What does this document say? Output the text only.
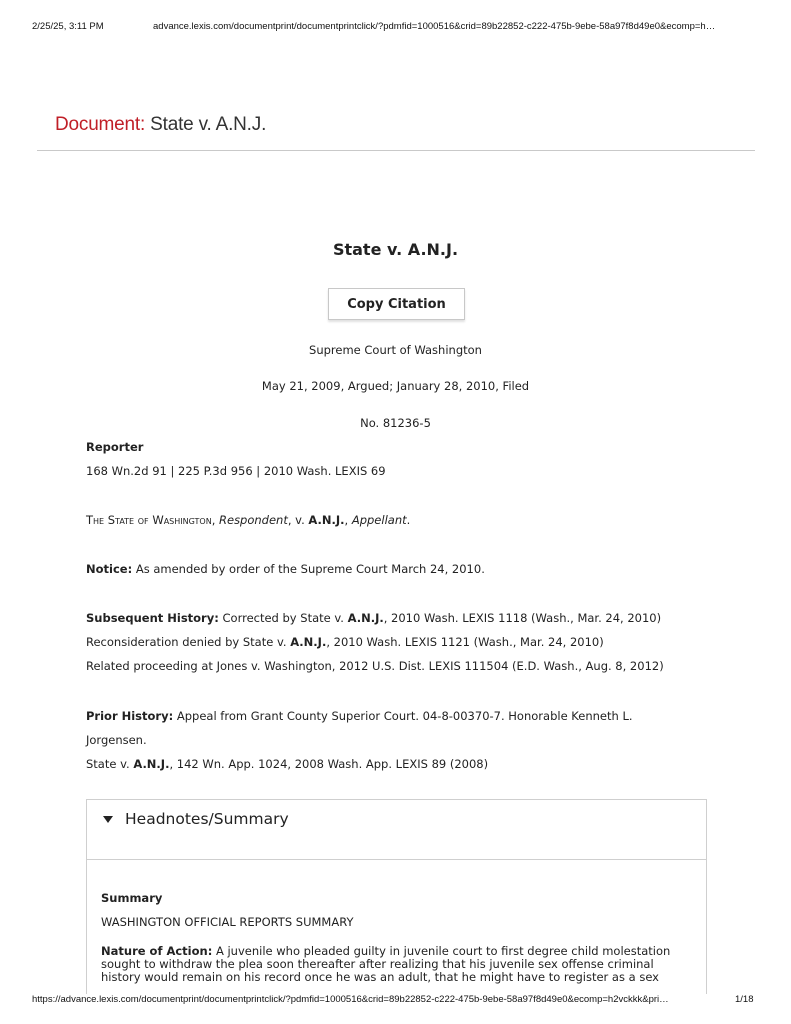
2/25/25, 3:11 PM	advance.lexis.com/documentprint/documentprintclick/?pdmfid=1000516&crid=89b22852-c222-475b-9ebe-58a97f8d49e0&ecomp=h…
Document: State v. A.N.J.
State v. A.N.J.
Copy Citation
Supreme Court of Washington
May 21, 2009, Argued; January 28, 2010, Filed
No. 81236-5
Reporter
168 Wn.2d 91 | 225 P.3d 956 | 2010 Wash. LEXIS 69
The State of Washington, Respondent, v. A.N.J., Appellant.
Notice: As amended by order of the Supreme Court March 24, 2010.
Subsequent History: Corrected by State v. A.N.J., 2010 Wash. LEXIS 1118 (Wash., Mar. 24, 2010)
Reconsideration denied by State v. A.N.J., 2010 Wash. LEXIS 1121 (Wash., Mar. 24, 2010)
Related proceeding at Jones v. Washington, 2012 U.S. Dist. LEXIS 111504 (E.D. Wash., Aug. 8, 2012)
Prior History: Appeal from Grant County Superior Court. 04-8-00370-7. Honorable Kenneth L.
Jorgensen.
State v. A.N.J., 142 Wn. App. 1024, 2008 Wash. App. LEXIS 89 (2008)
Headnotes/Summary
Summary
WASHINGTON OFFICIAL REPORTS SUMMARY
Nature of Action: A juvenile who pleaded guilty in juvenile court to first degree child molestation sought to withdraw the plea soon thereafter after realizing that his juvenile sex offense criminal history would remain on his record once he was an adult, that he might have to register as a sex
https://advance.lexis.com/documentprint/documentprintclick/?pdmfid=1000516&crid=89b22852-c222-475b-9ebe-58a97f8d49e0&ecomp=h2vckkk&pri…	1/18
